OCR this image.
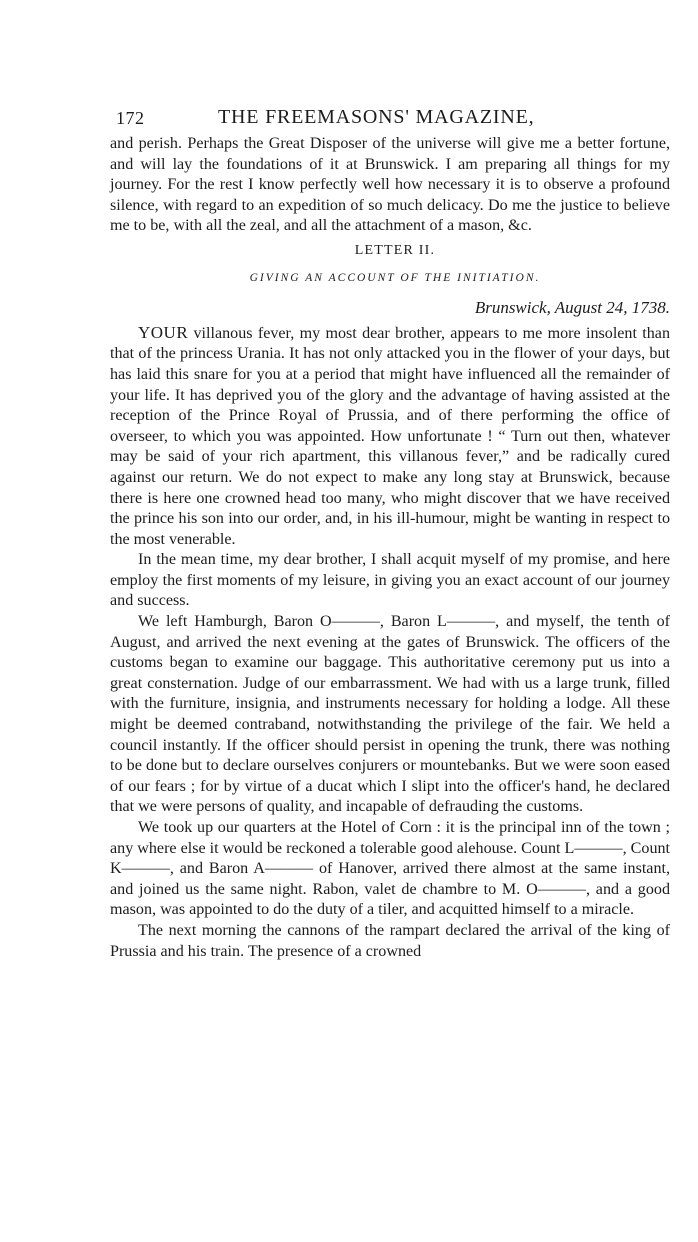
172	THE FREEMASONS' MAGAZINE,

and perish. Perhaps the Great Disposer of the universe will give me a better fortune, and will lay the foundations of it at Brunswick. I am preparing all things for my journey. For the rest I know perfectly well how necessary it is to observe a profound silence, with regard to an expedition of so much delicacy. Do me the justice to believe me to be, with all the zeal, and all the attachment of a mason, &c.

LETTER II.
GIVING AN ACCOUNT OF THE INITIATION.
Brunswick, August 24, 1738.

YOUR villanous fever, my most dear brother, appears to me more insolent than that of the princess Urania. It has not only attacked you in the flower of your days, but has laid this snare for you at a period that might have influenced all the remainder of your life. It has deprived you of the glory and the advantage of having assisted at the reception of the Prince Royal of Prussia, and of there performing the office of overseer, to which you was appointed. How unfortunate ! “ Turn out then, whatever may be said of your rich apartment, this villanous fever,” and be radically cured against our return. We do not expect to make any long stay at Brunswick, because there is here one crowned head too many, who might discover that we have received the prince his son into our order, and, in his ill-humour, might be wanting in respect to the most venerable.

In the mean time, my dear brother, I shall acquit myself of my promise, and here employ the first moments of my leisure, in giving you an exact account of our journey and success.

We left Hamburgh, Baron O———, Baron L———, and myself, the tenth of August, and arrived the next evening at the gates of Brunswick. The officers of the customs began to examine our baggage. This authoritative ceremony put us into a great consternation. Judge of our embarrassment. We had with us a large trunk, filled with the furniture, insignia, and instruments necessary for holding a lodge. All these might be deemed contraband, notwithstanding the privilege of the fair. We held a council instantly. If the officer should persist in opening the trunk, there was nothing to be done but to declare ourselves conjurers or mountebanks. But we were soon eased of our fears ; for by virtue of a ducat which I slipt into the officer's hand, he declared that we were persons of quality, and incapable of defrauding the customs.

We took up our quarters at the Hotel of Corn : it is the principal inn of the town ; any where else it would be reckoned a tolerable good alehouse. Count L———, Count K———, and Baron A——— of Hanover, arrived there almost at the same instant, and joined us the same night. Rabon, valet de chambre to M. O———, and a good mason, was appointed to do the duty of a tiler, and acquitted himself to a miracle.

The next morning the cannons of the rampart declared the arrival of the king of Prussia and his train. The presence of a crowned
